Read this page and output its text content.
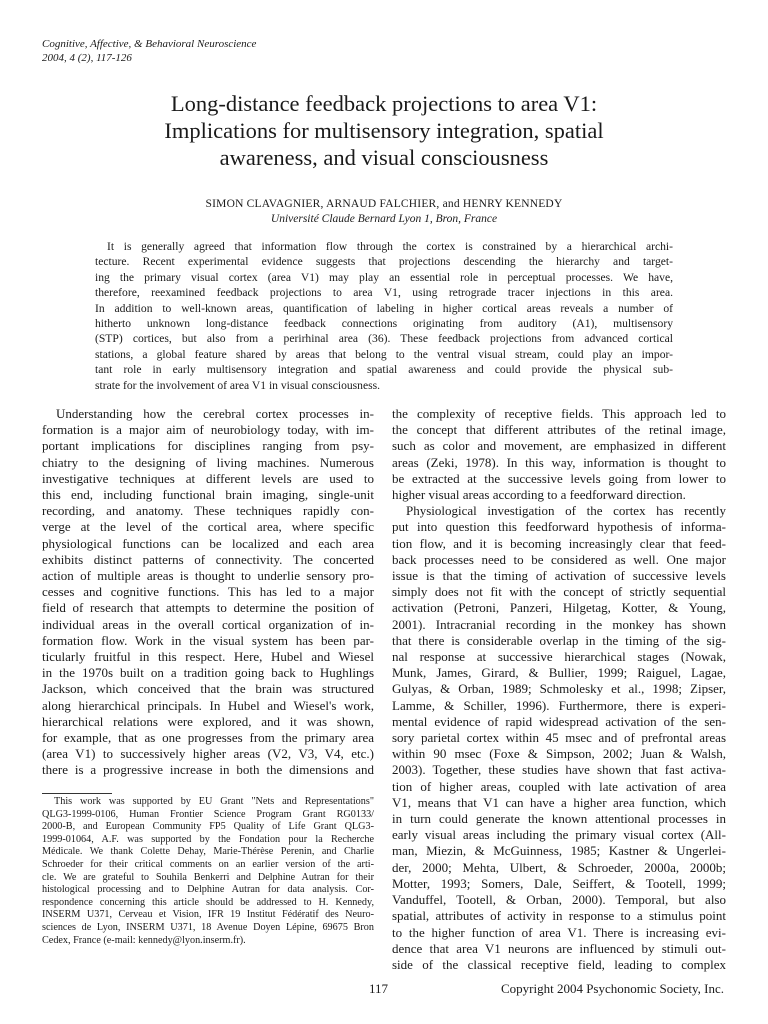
Cognitive, Affective, & Behavioral Neuroscience
2004, 4 (2), 117-126
Long-distance feedback projections to area V1:
Implications for multisensory integration, spatial
awareness, and visual consciousness
SIMON CLAVAGNIER, ARNAUD FALCHIER, and HENRY KENNEDY
Université Claude Bernard Lyon 1, Bron, France
It is generally agreed that information flow through the cortex is constrained by a hierarchical archi-
tecture. Recent experimental evidence suggests that projections descending the hierarchy and target-
ing the primary visual cortex (area V1) may play an essential role in perceptual processes. We have,
therefore, reexamined feedback projections to area V1, using retrograde tracer injections in this area.
In addition to well-known areas, quantification of labeling in higher cortical areas reveals a number of
hitherto unknown long-distance feedback connections originating from auditory (A1), multisensory
(STP) cortices, but also from a perirhinal area (36). These feedback projections from advanced cortical
stations, a global feature shared by areas that belong to the ventral visual stream, could play an impor-
tant role in early multisensory integration and spatial awareness and could provide the physical sub-
strate for the involvement of area V1 in visual consciousness.
Understanding how the cerebral cortex processes in-
formation is a major aim of neurobiology today, with im-
portant implications for disciplines ranging from psy-
chiatry to the designing of living machines. Numerous
investigative techniques at different levels are used to
this end, including functional brain imaging, single-unit
recording, and anatomy. These techniques rapidly con-
verge at the level of the cortical area, where specific
physiological functions can be localized and each area
exhibits distinct patterns of connectivity. The concerted
action of multiple areas is thought to underlie sensory pro-
cesses and cognitive functions. This has led to a major
field of research that attempts to determine the position of
individual areas in the overall cortical organization of in-
formation flow. Work in the visual system has been par-
ticularly fruitful in this respect. Here, Hubel and Wiesel
in the 1970s built on a tradition going back to Hughlings
Jackson, which conceived that the brain was structured
along hierarchical principals. In Hubel and Wiesel's work,
hierarchical relations were explored, and it was shown,
for example, that as one progresses from the primary area
(area V1) to successively higher areas (V2, V3, V4, etc.)
there is a progressive increase in both the dimensions and
This work was supported by EU Grant "Nets and Representations"
QLG3-1999-0106, Human Frontier Science Program Grant RG0133/
2000-B, and European Community FP5 Quality of Life Grant QLG3-
1999-01064, A.F. was supported by the Fondation pour la Recherche
Médicale. We thank Colette Dehay, Marie-Thérèse Perenin, and Charlie
Schroeder for their critical comments on an earlier version of the arti-
cle. We are grateful to Souhila Benkerri and Delphine Autran for their
histological processing and to Delphine Autran for data analysis. Cor-
respondence concerning this article should be addressed to H. Kennedy,
INSERM U371, Cerveau et Vision, IFR 19 Institut Fédératif des Neuro-
sciences de Lyon, INSERM U371, 18 Avenue Doyen Lépine, 69675 Bron
Cedex, France (e-mail: kennedy@lyon.inserm.fr).
the complexity of receptive fields. This approach led to
the concept that different attributes of the retinal image,
such as color and movement, are emphasized in different
areas (Zeki, 1978). In this way, information is thought to
be extracted at the successive levels going from lower to
higher visual areas according to a feedforward direction.
Physiological investigation of the cortex has recently
put into question this feedforward hypothesis of informa-
tion flow, and it is becoming increasingly clear that feed-
back processes need to be considered as well. One major
issue is that the timing of activation of successive levels
simply does not fit with the concept of strictly sequential
activation (Petroni, Panzeri, Hilgetag, Kotter, & Young,
2001). Intracranial recording in the monkey has shown
that there is considerable overlap in the timing of the sig-
nal response at successive hierarchical stages (Nowak,
Munk, James, Girard, & Bullier, 1999; Raiguel, Lagae,
Gulyas, & Orban, 1989; Schmolesky et al., 1998; Zipser,
Lamme, & Schiller, 1996). Furthermore, there is experi-
mental evidence of rapid widespread activation of the sen-
sory parietal cortex within 45 msec and of prefrontal areas
within 90 msec (Foxe & Simpson, 2002; Juan & Walsh,
2003). Together, these studies have shown that fast activa-
tion of higher areas, coupled with late activation of area
V1, means that V1 can have a higher area function, which
in turn could generate the known attentional processes in
early visual areas including the primary visual cortex (All-
man, Miezin, & McGuinness, 1985; Kastner & Ungerlei-
der, 2000; Mehta, Ulbert, & Schroeder, 2000a, 2000b;
Motter, 1993; Somers, Dale, Seiffert, & Tootell, 1999;
Vanduffel, Tootell, & Orban, 2000). Temporal, but also
spatial, attributes of activity in response to a stimulus point
to the higher function of area V1. There is increasing evi-
dence that area V1 neurons are influenced by stimuli out-
side of the classical receptive field, leading to complex
117	Copyright 2004 Psychonomic Society, Inc.
